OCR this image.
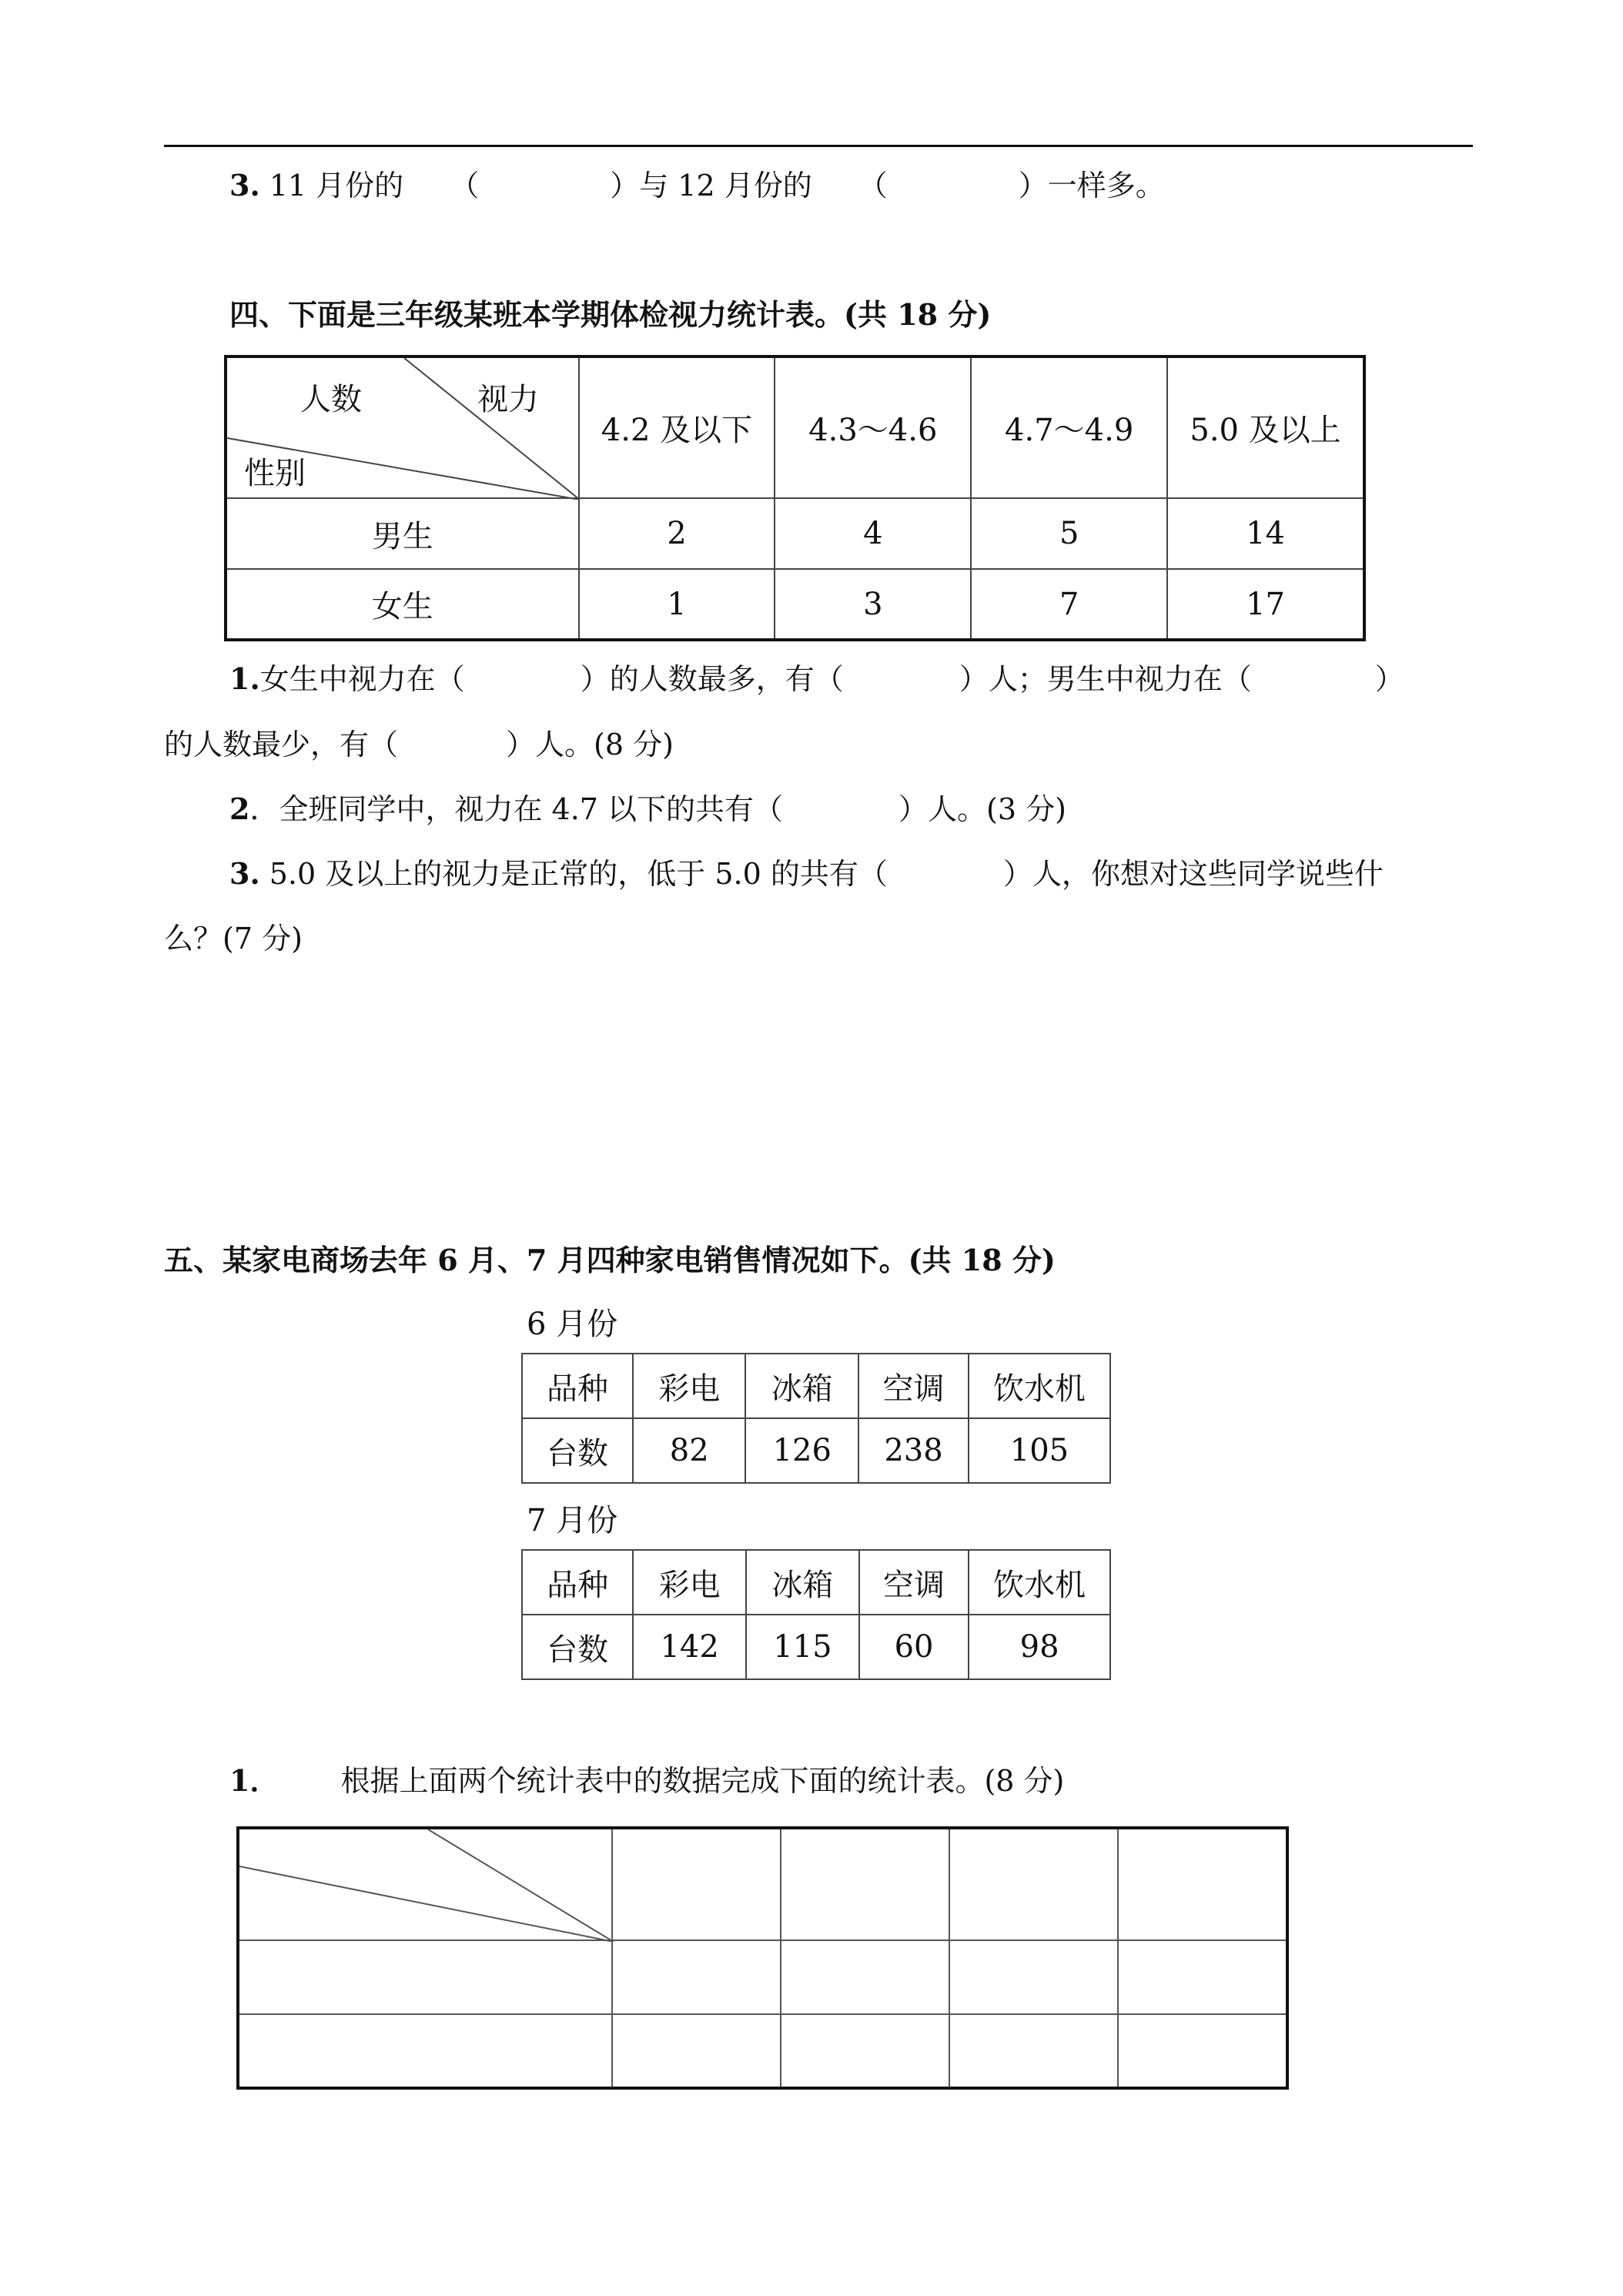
3. 11 月份的 （	）与 12 月份的 （	）一样多。
四、下面是三年级某班本学期体检视力统计表。(共 18 分)
人数 视力
性别	4.2 及以下	4.3～4.6	4.7～4.9	5.0 及以上
男生	2	4	5	14
女生	1	3	7	17
1.女生中视力在（	）的人数最多，有（	）人；男生中视力在（	）
的人数最少，有（	）人。(8 分)
2．全班同学中，视力在 4.7 以下的共有（	）人。(3 分)
3. 5.0 及以上的视力是正常的，低于 5.0 的共有（	）人，你想对这些同学说些什
么？(7 分)
五、某家电商场去年 6 月、7 月四种家电销售情况如下。(共 18 分)
6 月份
品种	彩电	冰箱	空调	饮水机
台数	82	126	238	105
7 月份
品种	彩电	冰箱	空调	饮水机
台数	142	115	60	98
1． 根据上面两个统计表中的数据完成下面的统计表。(8 分)
